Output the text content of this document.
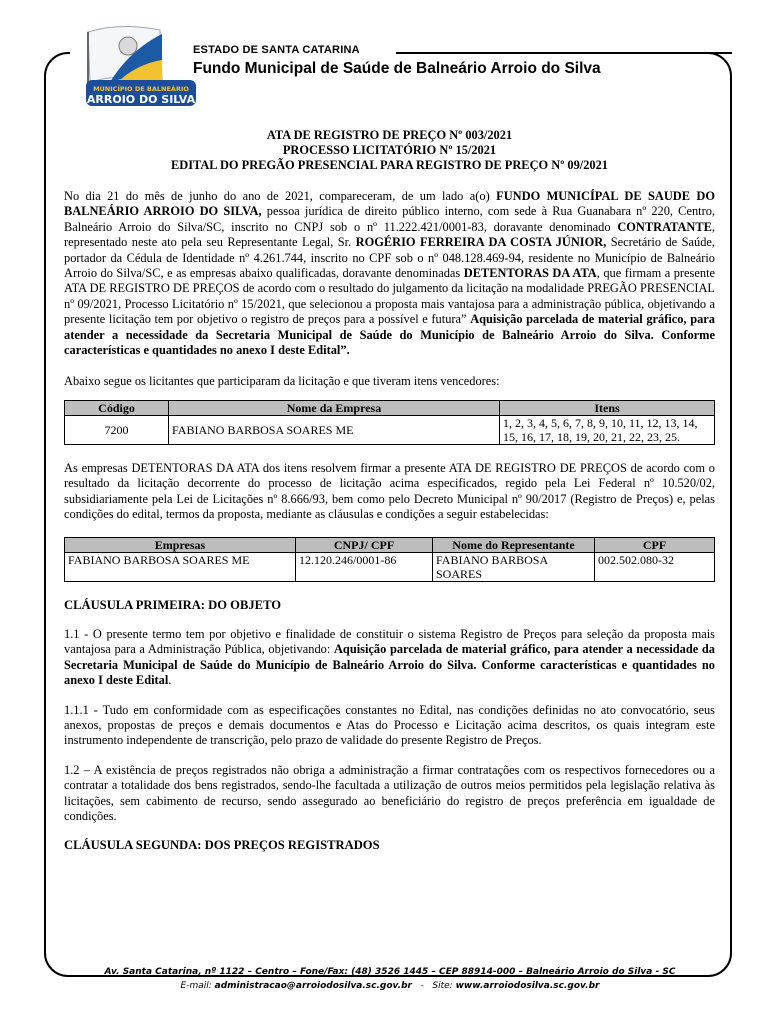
MUNICÍPIO DE BALNEÁRIO
ARROIO DO SILVA
ESTADO DE SANTA CATARINA
Fundo Municipal de Saúde de Balneário Arroio do Silva
ATA DE REGISTRO DE PREÇO Nº 003/2021
PROCESSO LICITATÓRIO Nº 15/2021
EDITAL DO PREGÃO PRESENCIAL PARA REGISTRO DE PREÇO Nº 09/2021

No dia 21 do mês de junho do ano de 2021, compareceram, de um lado a(o) FUNDO MUNICÍPAL DE SAUDE DO BALNEÁRIO ARROIO DO SILVA, pessoa jurídica de direito público interno, com sede à Rua Guanabara nº 220, Centro, Balneário Arroio do Silva/SC, inscrito no CNPJ sob o nº 11.222.421/0001-83, doravante denominado CONTRATANTE, representado neste ato pela seu Representante Legal, Sr. ROGÉRIO FERREIRA DA COSTA JÚNIOR, Secretário de Saúde, portador da Cédula de Identidade nº 4.261.744, inscrito no CPF sob o nº 048.128.469-94, residente no Município de Balneário Arroio do Silva/SC, e as empresas abaixo qualificadas, doravante denominadas DETENTORAS DA ATA, que firmam a presente ATA DE REGISTRO DE PREÇOS de acordo com o resultado do julgamento da licitação na modalidade PREGÃO PRESENCIAL nº 09/2021, Processo Licitatório nº 15/2021, que selecionou a proposta mais vantajosa para a administração pública, objetivando a presente licitação tem por objetivo o registro de preços para a possível e futura” Aquisição parcelada de material gráfico, para atender a necessidade da Secretaria Municipal de Saúde do Município de Balneário Arroio do Silva. Conforme características e quantidades no anexo I deste Edital”.

Abaixo segue os licitantes que participaram da licitação e que tiveram itens vencedores:

Código	Nome da Empresa	Itens
7200	FABIANO BARBOSA SOARES ME	1, 2, 3, 4, 5, 6, 7, 8, 9, 10, 11, 12, 13, 14, 15, 16, 17, 18, 19, 20, 21, 22, 23, 25.

As empresas DETENTORAS DA ATA dos itens resolvem firmar a presente ATA DE REGISTRO DE PREÇOS de acordo com o resultado da licitação decorrente do processo de licitação acima especificados, regido pela Lei Federal nº 10.520/02, subsidiariamente pela Lei de Licitações nº 8.666/93, bem como pelo Decreto Municipal nº 90/2017 (Registro de Preços) e, pelas condições do edital, termos da proposta, mediante as cláusulas e condições a seguir estabelecidas:

Empresas	CNPJ/ CPF	Nome do Representante	CPF
FABIANO BARBOSA SOARES ME	12.120.246/0001-86	FABIANO BARBOSA SOARES	002.502.080-32

CLÁUSULA PRIMEIRA: DO OBJETO

1.1 - O presente termo tem por objetivo e finalidade de constituir o sistema Registro de Preços para seleção da proposta mais vantajosa para a Administração Pública, objetivando: Aquisição parcelada de material gráfico, para atender a necessidade da Secretaria Municipal de Saúde do Município de Balneário Arroio do Silva. Conforme características e quantidades no anexo I deste Edital.

1.1.1 - Tudo em conformidade com as especificações constantes no Edital, nas condições definidas no ato convocatório, seus anexos, propostas de preços e demais documentos e Atas do Processo e Licitação acima descritos, os quais integram este instrumento independente de transcrição, pelo prazo de validade do presente Registro de Preços.

1.2 – A existência de preços registrados não obriga a administração a firmar contratações com os respectivos fornecedores ou a contratar a totalidade dos bens registrados, sendo-lhe facultada a utilização de outros meios permitidos pela legislação relativa às licitações, sem cabimento de recurso, sendo assegurado ao beneficiário do registro de preços preferência em igualdade de condições.

CLÁUSULA SEGUNDA: DOS PREÇOS REGISTRADOS

Av. Santa Catarina, nº 1122 – Centro – Fone/Fax: (48) 3526 1445 – CEP 88914-000 – Balneário Arroio do Silva - SC
E-mail: administracao@arroiodosilva.sc.gov.br   -   Site: www.arroiodosilva.sc.gov.br
